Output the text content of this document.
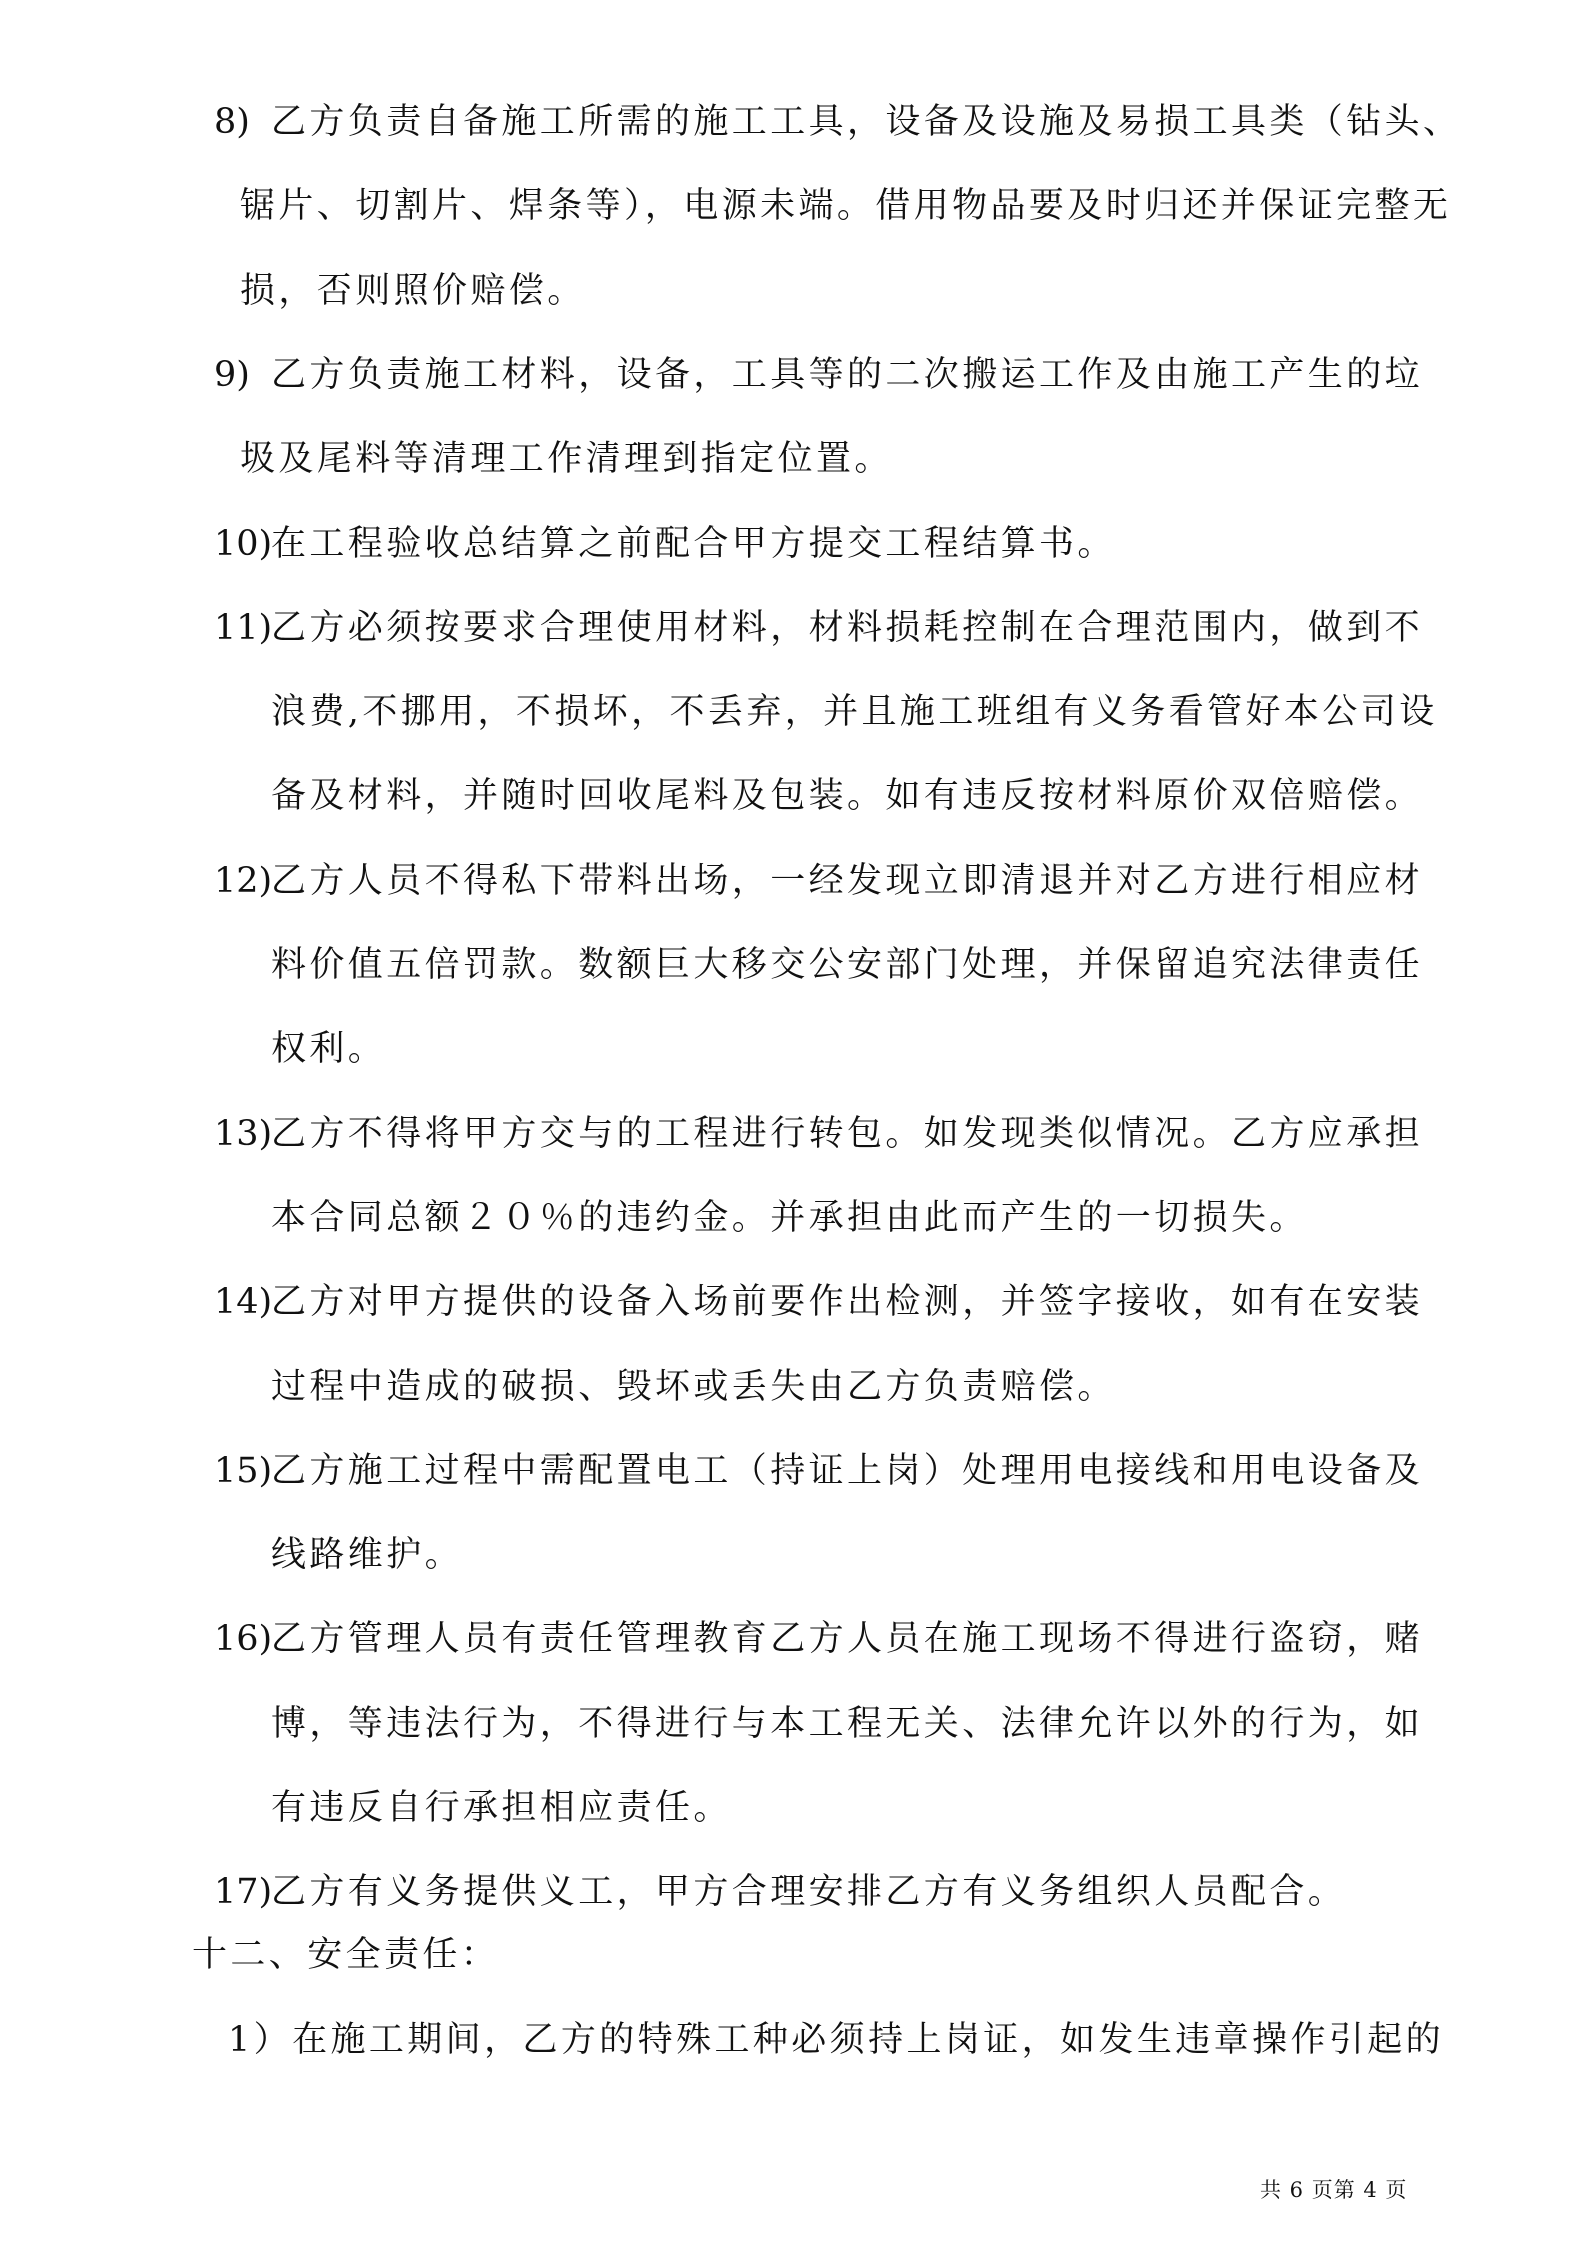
8) 乙方负责自备施工所需的施工工具，设备及设施及易损工具类（钻头、
锯片、切割片、焊条等），电源未端。借用物品要及时归还并保证完整无
损，否则照价赔偿。
9) 乙方负责施工材料，设备，工具等的二次搬运工作及由施工产生的垃
圾及尾料等清理工作清理到指定位置。
10)
在工程验收总结算之前配合甲方提交工程结算书。
11)
乙方必须按要求合理使用材料，材料损耗控制在合理范围内，做到不
浪费,不挪用，不损坏，不丢弃，并且施工班组有义务看管好本公司设
备及材料，并随时回收尾料及包装。如有违反按材料原价双倍赔偿。
12)
乙方人员不得私下带料出场，一经发现立即清退并对乙方进行相应材
料价值五倍罚款。数额巨大移交公安部门处理，并保留追究法律责任
权利。
13)
乙方不得将甲方交与的工程进行转包。如发现类似情况。乙方应承担
本合同总额２０％的违约金。并承担由此而产生的一切损失。
14)
乙方对甲方提供的设备入场前要作出检测，并签字接收，如有在安装
过程中造成的破损、毁坏或丢失由乙方负责赔偿。
15)
乙方施工过程中需配置电工（持证上岗）处理用电接线和用电设备及
线路维护。
16)
乙方管理人员有责任管理教育乙方人员在施工现场不得进行盗窃，赌
博，等违法行为，不得进行与本工程无关、法律允许以外的行为，如
有违反自行承担相应责任。
17)
乙方有义务提供义工，甲方合理安排乙方有义务组织人员配合。
十二、安全责任：
1）在施工期间，乙方的特殊工种必须持上岗证，如发生违章操作引起的
共 6 页第 4 页
